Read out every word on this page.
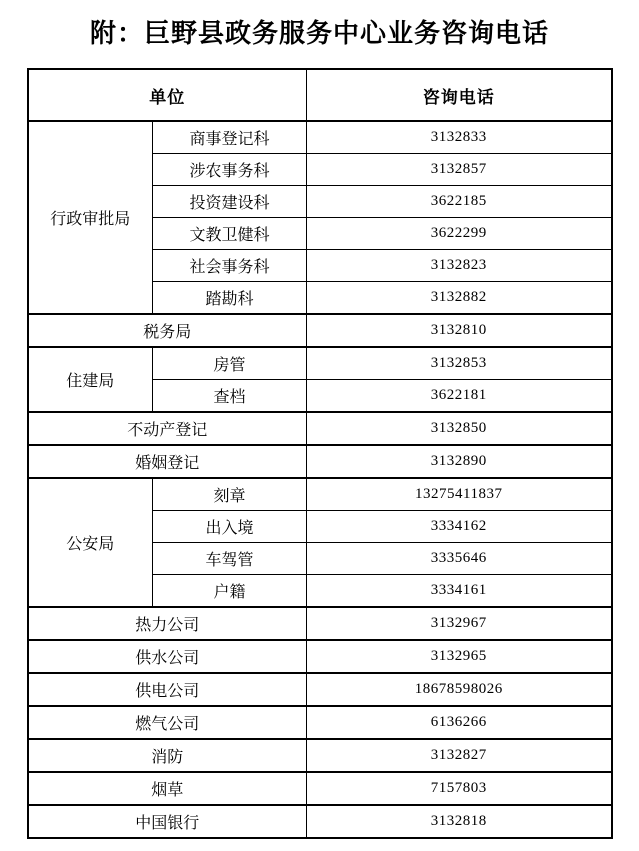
附：巨野县政务服务中心业务咨询电话
单位		咨询电话
行政审批局	商事登记科	3132833
	涉农事务科	3132857
	投资建设科	3622185
	文教卫健科	3622299
	社会事务科	3132823
	踏勘科	3132882
税务局		3132810
住建局	房管	3132853
	查档	3622181
不动产登记		3132850
婚姻登记		3132890
公安局	刻章	13275411837
	出入境	3334162
	车驾管	3335646
	户籍	3334161
热力公司		3132967
供水公司		3132965
供电公司		18678598026
燃气公司		6136266
消防		3132827
烟草		7157803
中国银行		3132818
